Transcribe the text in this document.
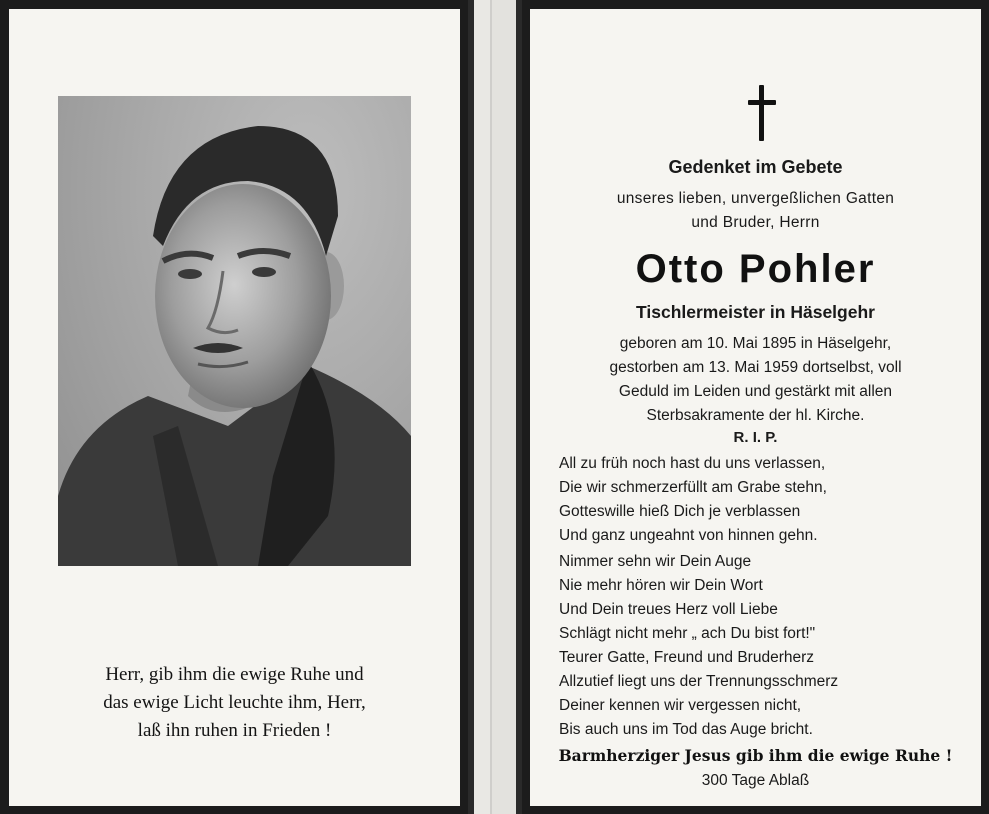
Herr, gib ihm die ewige Ruhe und
das ewige Licht leuchte ihm, Herr,
laß ihn ruhen in Frieden !
Gedenket im Gebete
unseres lieben, unvergeßlichen Gatten
und Bruder, Herrn
Otto Pohler
Tischlermeister in Häselgehr
geboren am 10. Mai 1895 in Häselgehr,
gestorben am 13. Mai 1959 dortselbst, voll
Geduld im Leiden und gestärkt mit allen
Sterbsakramente der hl. Kirche.
R. I. P.
All zu früh noch hast du uns verlassen,
Die wir schmerzerfüllt am Grabe stehn,
Gotteswille hieß Dich je verblassen
Und ganz ungeahnt von hinnen gehn.
Nimmer sehn wir Dein Auge
Nie mehr hören wir Dein Wort
Und Dein treues Herz voll Liebe
Schlägt nicht mehr „ ach Du bist fort!"
Teurer Gatte, Freund und Bruderherz
Allzutief liegt uns der Trennungsschmerz
Deiner kennen wir vergessen nicht,
Bis auch uns im Tod das Auge bricht.
Barmherziger Jesus gib ihm die ewige Ruhe !
300 Tage Ablaß
